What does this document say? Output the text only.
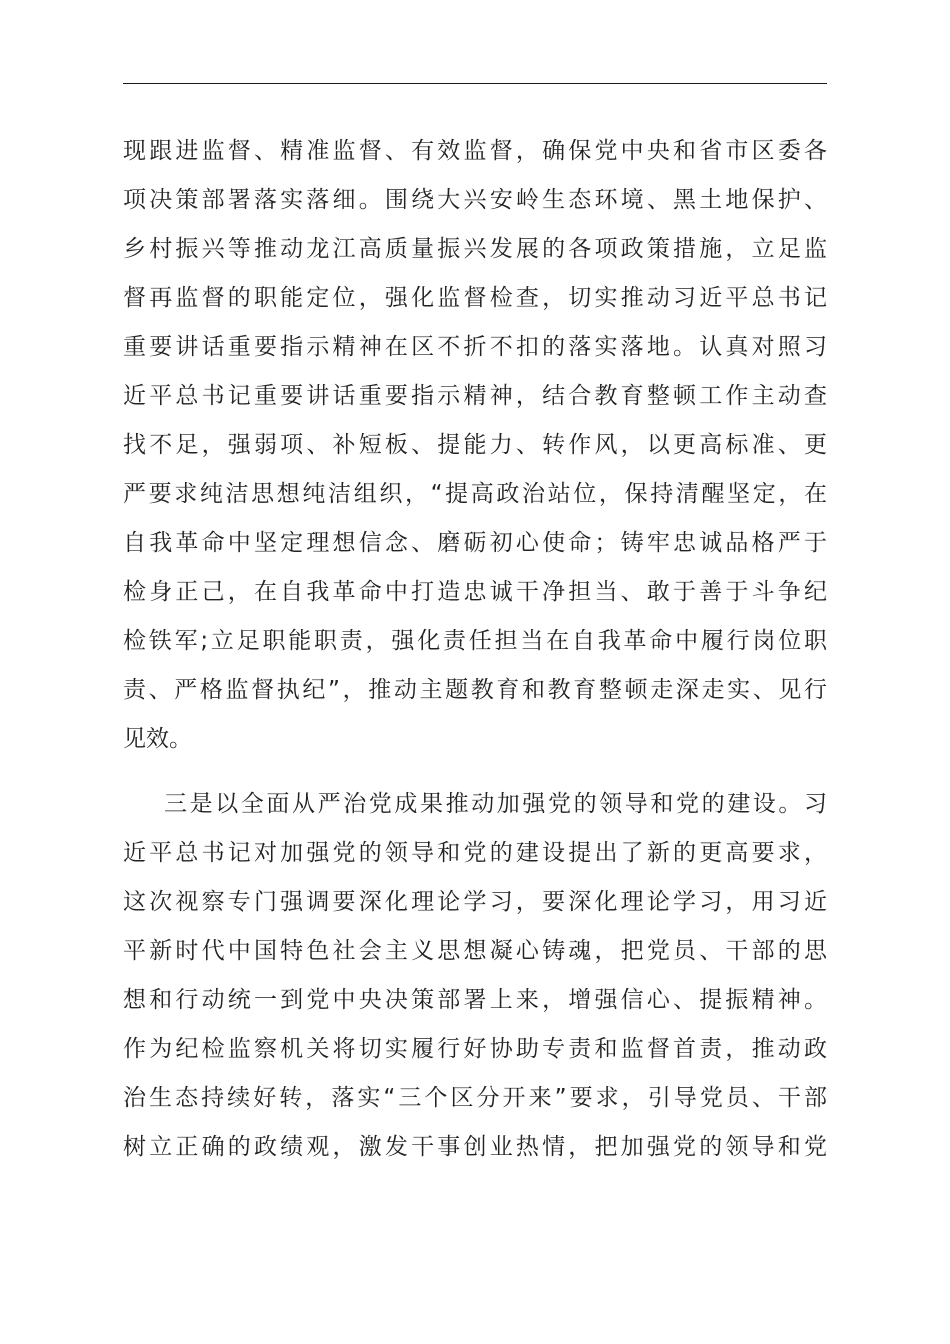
现跟进监督、精准监督、有效监督，确保党中央和省市区委各
项决策部署落实落细。围绕大兴安岭生态环境、黑土地保护、
乡村振兴等推动龙江高质量振兴发展的各项政策措施，立足监
督再监督的职能定位，强化监督检查，切实推动习近平总书记
重要讲话重要指示精神在区不折不扣的落实落地。认真对照习
近平总书记重要讲话重要指示精神，结合教育整顿工作主动查
找不足，强弱项、补短板、提能力、转作风，以更高标准、更
严要求纯洁思想纯洁组织，“提高政治站位，保持清醒坚定，在
自我革命中坚定理想信念、磨砺初心使命；铸牢忠诚品格严于
检身正己，在自我革命中打造忠诚干净担当、敢于善于斗争纪
检铁军;立足职能职责，强化责任担当在自我革命中履行岗位职
责、严格监督执纪”，推动主题教育和教育整顿走深走实、见行
见效。
三是以全面从严治党成果推动加强党的领导和党的建设。习
近平总书记对加强党的领导和党的建设提出了新的更高要求，
这次视察专门强调要深化理论学习，要深化理论学习，用习近
平新时代中国特色社会主义思想凝心铸魂，把党员、干部的思
想和行动统一到党中央决策部署上来，增强信心、提振精神。
作为纪检监察机关将切实履行好协助专责和监督首责，推动政
治生态持续好转，落实“三个区分开来”要求，引导党员、干部
树立正确的政绩观，激发干事创业热情，把加强党的领导和党
